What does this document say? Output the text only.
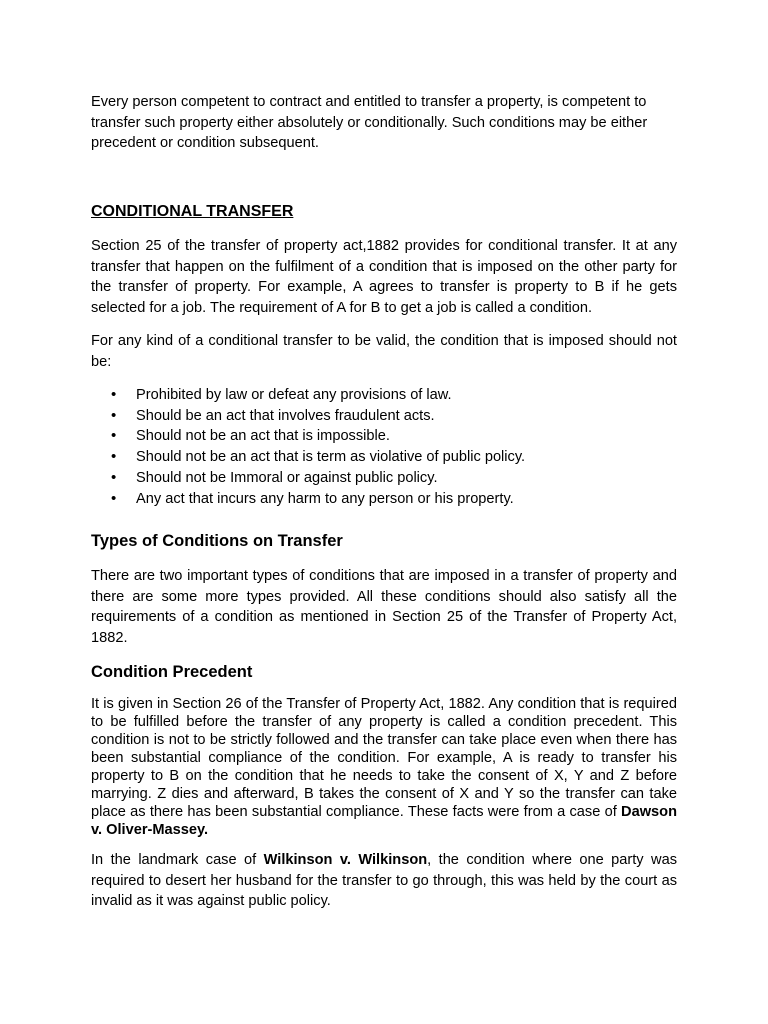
Every person competent to contract and entitled to transfer a property, is competent to transfer such property either absolutely or conditionally. Such conditions may be either precedent or condition subsequent.
CONDITIONAL TRANSFER
Section 25 of the transfer of property act,1882 provides for conditional transfer. It at any transfer that happen on the fulfilment of a condition that is imposed on the other party for the transfer of property. For example, A agrees to transfer is property to B if he gets selected for a job. The requirement of A for B to get a job is called a condition.
For any kind of a conditional transfer to be valid, the condition that is imposed should not be:
• Prohibited by law or defeat any provisions of law.
• Should be an act that involves fraudulent acts.
• Should not be an act that is impossible.
• Should not be an act that is term as violative of public policy.
• Should not be Immoral or against public policy.
• Any act that incurs any harm to any person or his property.
Types of Conditions on Transfer
There are two important types of conditions that are imposed in a transfer of property and there are some more types provided. All these conditions should also satisfy all the requirements of a condition as mentioned in Section 25 of the Transfer of Property Act, 1882.
Condition Precedent
It is given in Section 26 of the Transfer of Property Act, 1882. Any condition that is required to be fulfilled before the transfer of any property is called a condition precedent. This condition is not to be strictly followed and the transfer can take place even when there has been substantial compliance of the condition. For example, A is ready to transfer his property to B on the condition that he needs to take the consent of X, Y and Z before marrying. Z dies and afterward, B takes the consent of X and Y so the transfer can take place as there has been substantial compliance. These facts were from a case of Dawson v. Oliver-Massey.
In the landmark case of Wilkinson v. Wilkinson, the condition where one party was required to desert her husband for the transfer to go through, this was held by the court as invalid as it was against public policy.
